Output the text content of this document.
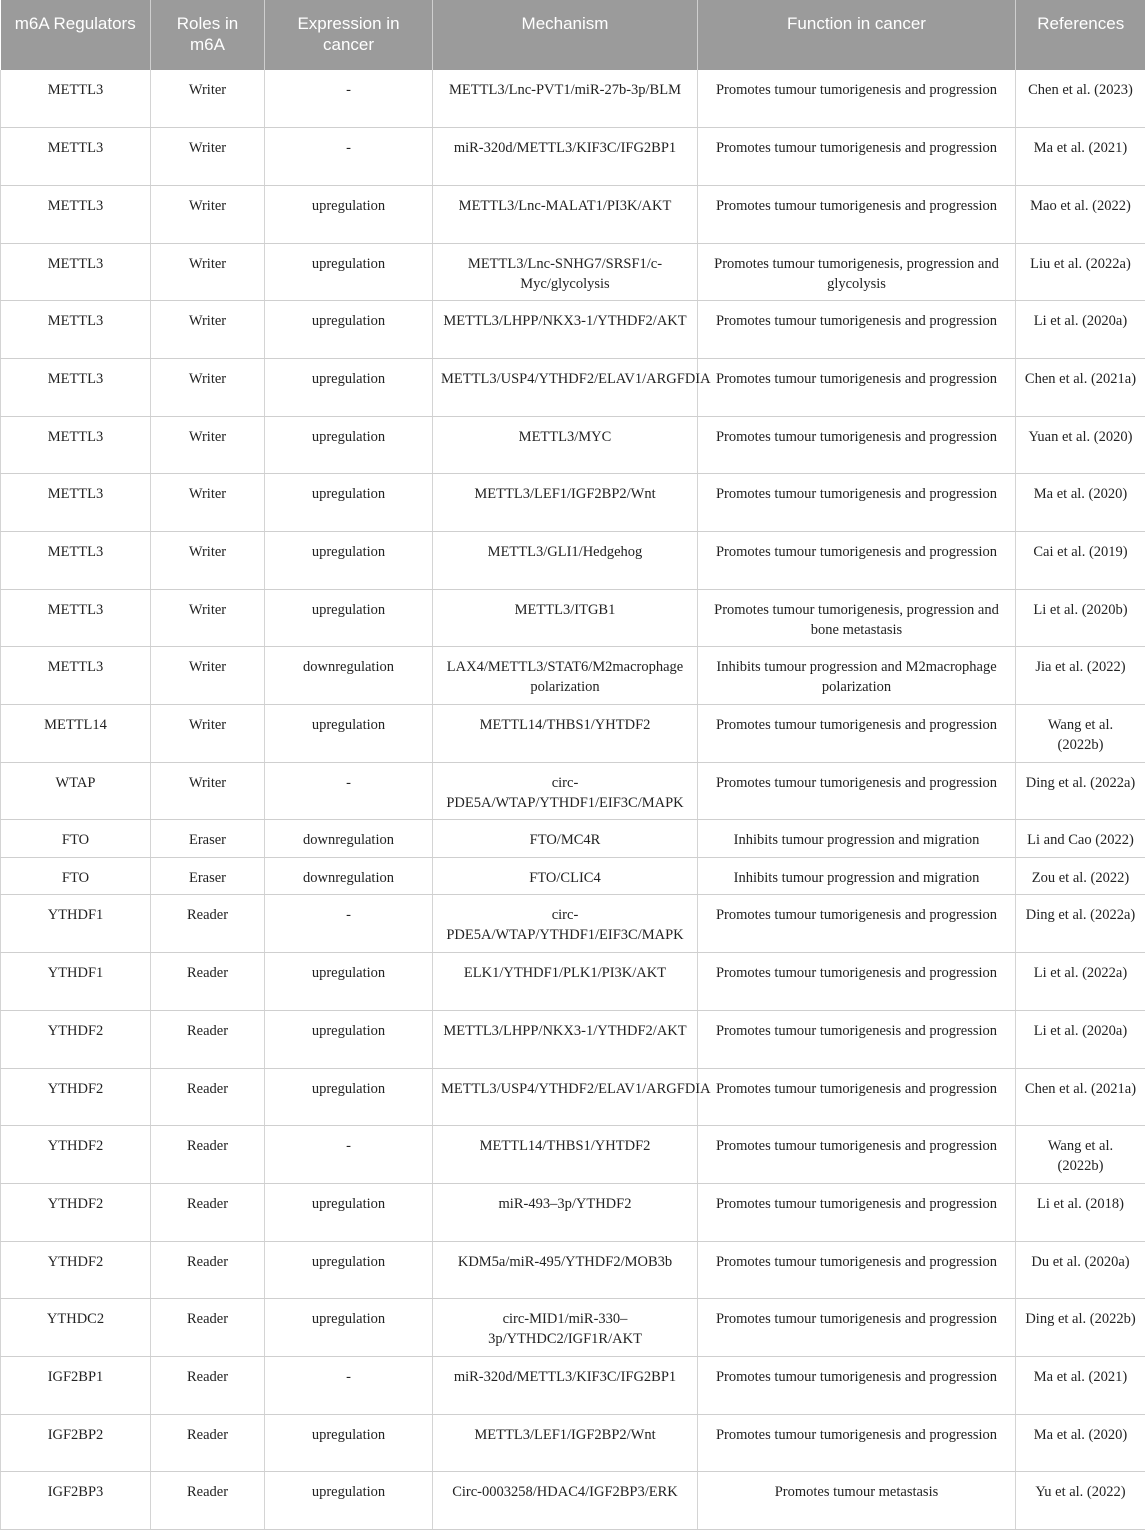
m6A Regulators	Roles in m6A	Expression in cancer	Mechanism	Function in cancer	References
METTL3	Writer	-	METTL3/Lnc-PVT1/miR-27b-3p/BLM	Promotes tumour tumorigenesis and progression	Chen et al. (2023)
METTL3	Writer	-	miR-320d/METTL3/KIF3C/IFG2BP1	Promotes tumour tumorigenesis and progression	Ma et al. (2021)
METTL3	Writer	upregulation	METTL3/Lnc-MALAT1/PI3K/AKT	Promotes tumour tumorigenesis and progression	Mao et al. (2022)
METTL3	Writer	upregulation	METTL3/Lnc-SNHG7/SRSF1/c-Myc/glycolysis	Promotes tumour tumorigenesis, progression and glycolysis	Liu et al. (2022a)
METTL3	Writer	upregulation	METTL3/LHPP/NKX3-1/YTHDF2/AKT	Promotes tumour tumorigenesis and progression	Li et al. (2020a)
METTL3	Writer	upregulation	METTL3/USP4/YTHDF2/ELAV1/ARGFDIA	Promotes tumour tumorigenesis and progression	Chen et al. (2021a)
METTL3	Writer	upregulation	METTL3/MYC	Promotes tumour tumorigenesis and progression	Yuan et al. (2020)
METTL3	Writer	upregulation	METTL3/LEF1/IGF2BP2/Wnt	Promotes tumour tumorigenesis and progression	Ma et al. (2020)
METTL3	Writer	upregulation	METTL3/GLI1/Hedgehog	Promotes tumour tumorigenesis and progression	Cai et al. (2019)
METTL3	Writer	upregulation	METTL3/ITGB1	Promotes tumour tumorigenesis, progression and bone metastasis	Li et al. (2020b)
METTL3	Writer	downregulation	LAX4/METTL3/STAT6/M2macrophage polarization	Inhibits tumour progression and M2macrophage polarization	Jia et al. (2022)
METTL14	Writer	upregulation	METTL14/THBS1/YHTDF2	Promotes tumour tumorigenesis and progression	Wang et al. (2022b)
WTAP	Writer	-	circ-PDE5A/WTAP/YTHDF1/EIF3C/MAPK	Promotes tumour tumorigenesis and progression	Ding et al. (2022a)
FTO	Eraser	downregulation	FTO/MC4R	Inhibits tumour progression and migration	Li and Cao (2022)
FTO	Eraser	downregulation	FTO/CLIC4	Inhibits tumour progression and migration	Zou et al. (2022)
YTHDF1	Reader	-	circ-PDE5A/WTAP/YTHDF1/EIF3C/MAPK	Promotes tumour tumorigenesis and progression	Ding et al. (2022a)
YTHDF1	Reader	upregulation	ELK1/YTHDF1/PLK1/PI3K/AKT	Promotes tumour tumorigenesis and progression	Li et al. (2022a)
YTHDF2	Reader	upregulation	METTL3/LHPP/NKX3-1/YTHDF2/AKT	Promotes tumour tumorigenesis and progression	Li et al. (2020a)
YTHDF2	Reader	upregulation	METTL3/USP4/YTHDF2/ELAV1/ARGFDIA	Promotes tumour tumorigenesis and progression	Chen et al. (2021a)
YTHDF2	Reader	-	METTL14/THBS1/YHTDF2	Promotes tumour tumorigenesis and progression	Wang et al. (2022b)
YTHDF2	Reader	upregulation	miR-493–3p/YTHDF2	Promotes tumour tumorigenesis and progression	Li et al. (2018)
YTHDF2	Reader	upregulation	KDM5a/miR-495/YTHDF2/MOB3b	Promotes tumour tumorigenesis and progression	Du et al. (2020a)
YTHDC2	Reader	upregulation	circ-MID1/miR-330–3p/YTHDC2/IGF1R/AKT	Promotes tumour tumorigenesis and progression	Ding et al. (2022b)
IGF2BP1	Reader	-	miR-320d/METTL3/KIF3C/IFG2BP1	Promotes tumour tumorigenesis and progression	Ma et al. (2021)
IGF2BP2	Reader	upregulation	METTL3/LEF1/IGF2BP2/Wnt	Promotes tumour tumorigenesis and progression	Ma et al. (2020)
IGF2BP3	Reader	upregulation	Circ-0003258/HDAC4/IGF2BP3/ERK	Promotes tumour metastasis	Yu et al. (2022)
